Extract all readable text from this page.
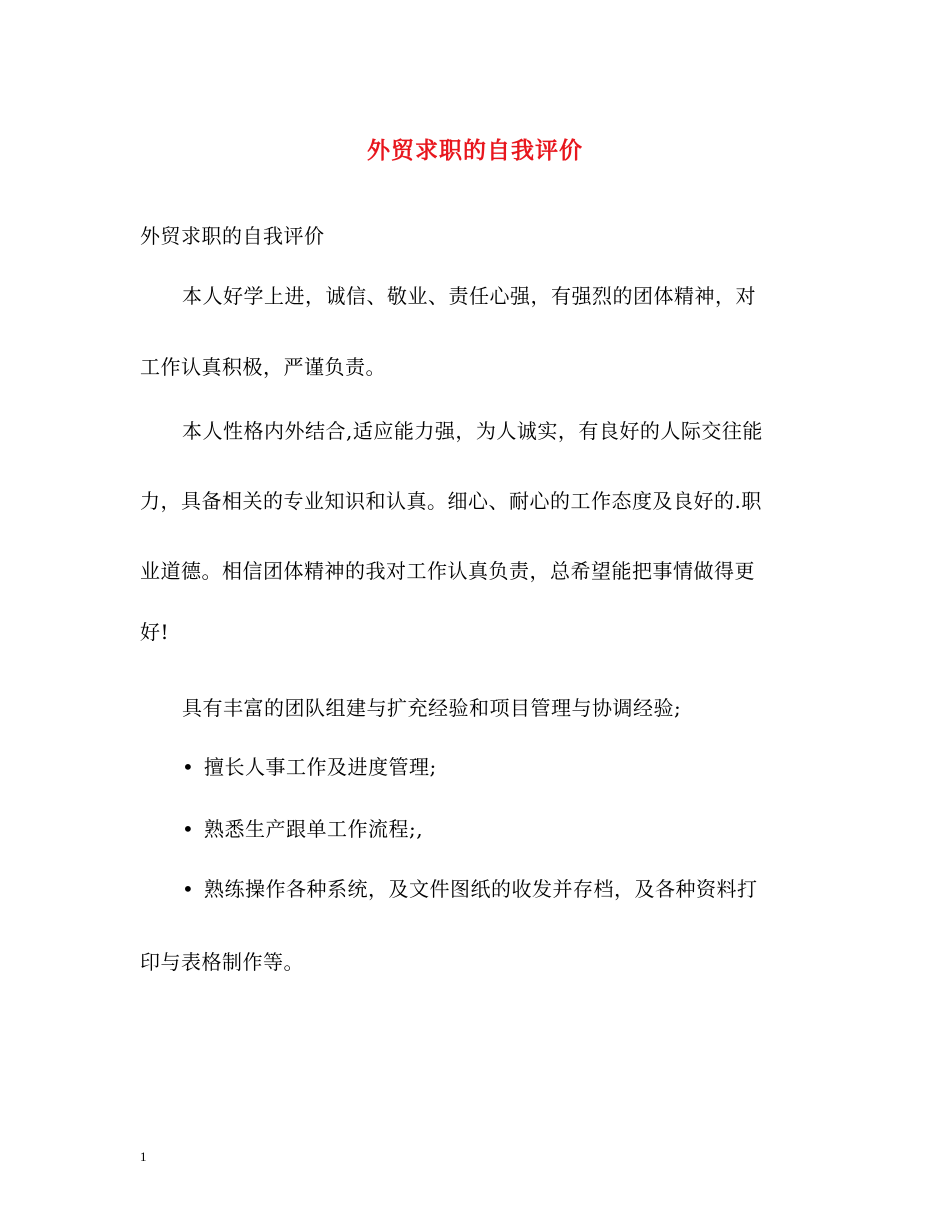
外贸求职的自我评价
外贸求职的自我评价
本人好学上进，诚信、敬业、责任心强，有强烈的团体精神，对
工作认真积极，严谨负责。
本人性格内外结合,适应能力强，为人诚实，有良好的人际交往能
力，具备相关的专业知识和认真。细心、耐心的工作态度及良好的.职
业道德。相信团体精神的我对工作认真负责，总希望能把事情做得更
好!
具有丰富的团队组建与扩充经验和项目管理与协调经验;
• 擅长人事工作及进度管理;
• 熟悉生产跟单工作流程;,
• 熟练操作各种系统，及文件图纸的收发并存档，及各种资料打
印与表格制作等。
1
